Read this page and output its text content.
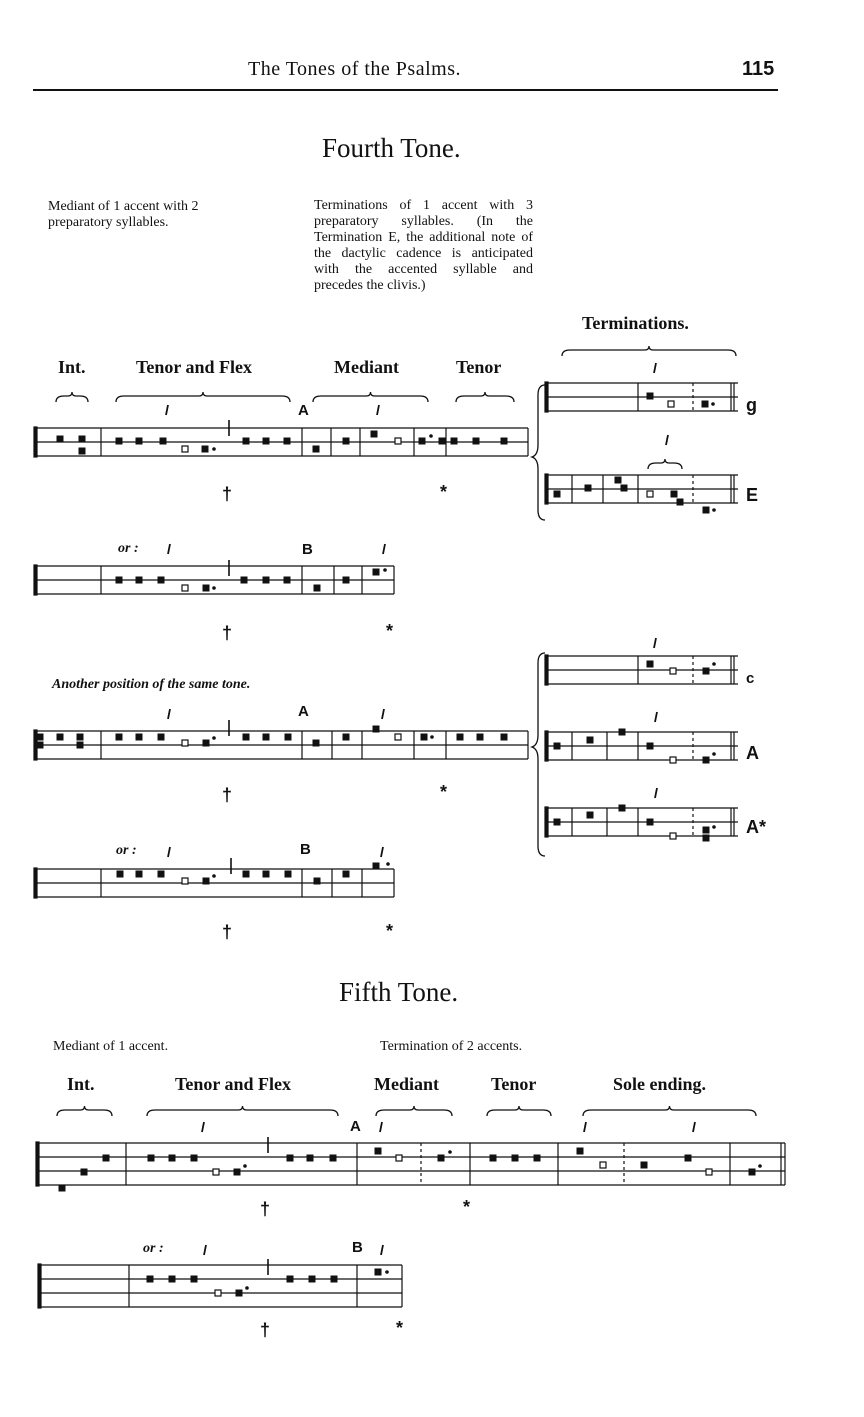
The Tones of the Psalms.	115
Fourth Tone.
Mediant of 1 accent with 2 preparatory syllables.
Terminations of 1 accent with 3 preparatory syllables. (In the Termination E, the additional note of the dactylic cadence is anticipated with the accented syllable and precedes the clivis.)
Terminations.
Int.	Tenor and Flex	Mediant	Tenor
A
†	*
or :	B
†	*
Another position of the same tone.
A
†	*
or :	B
†	*
g
E
c
A
A*
Fifth Tone.
Mediant of 1 accent.	Termination of 2 accents.
Int.	Tenor and Flex	Mediant	Tenor	Sole ending.
A
†	*
or :	B
†	*
